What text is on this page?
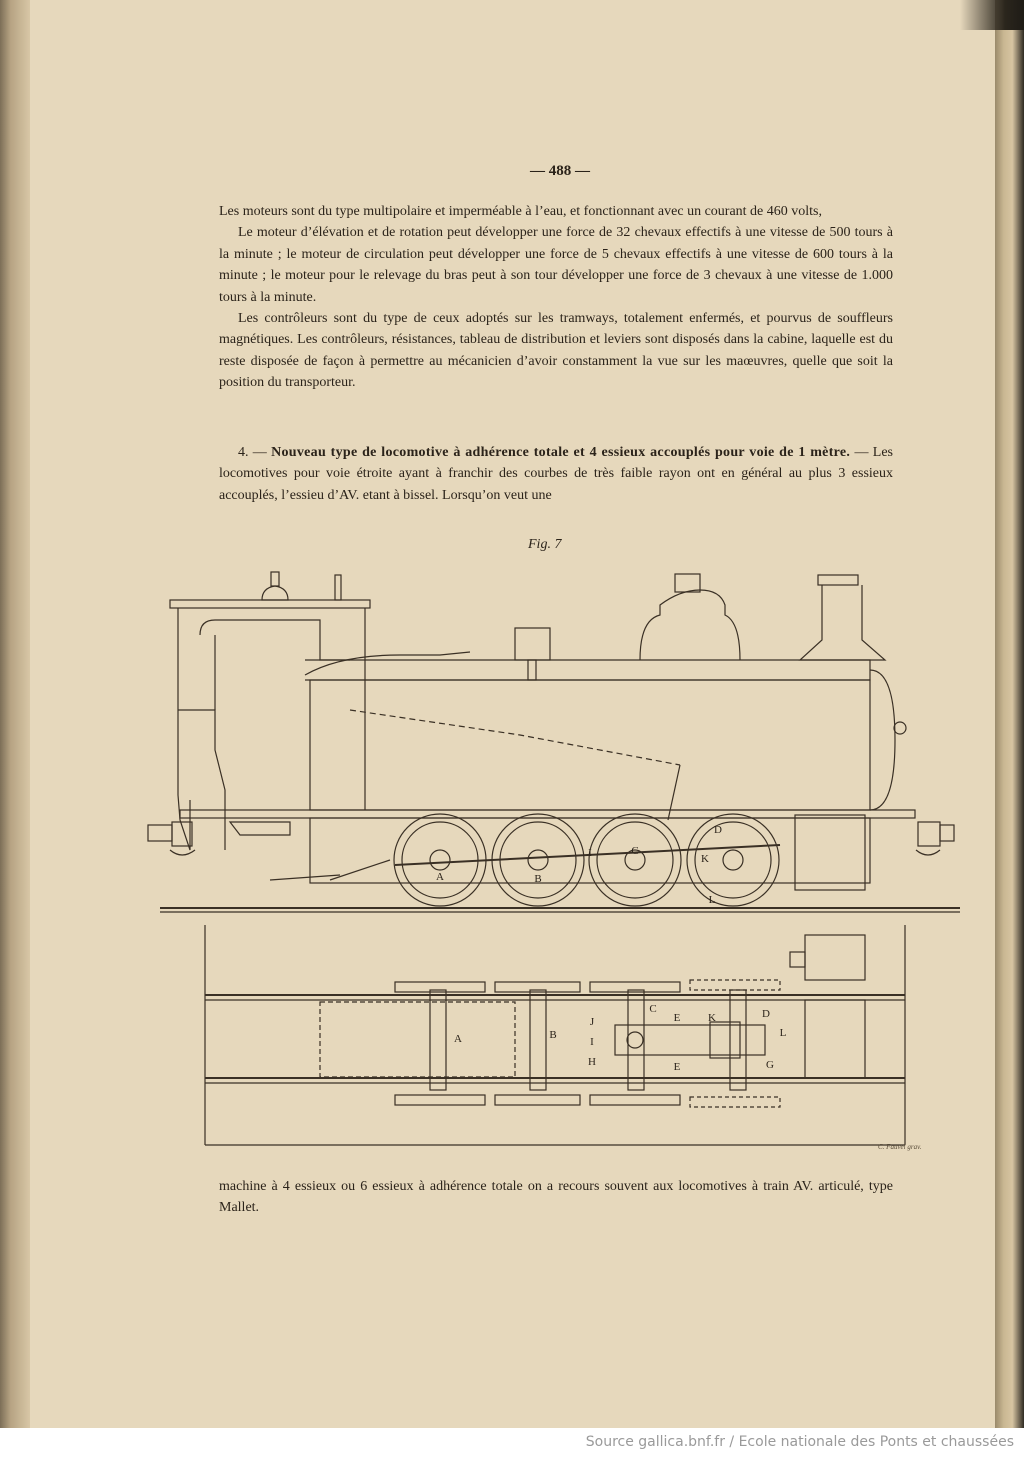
— 488 —

Les moteurs sont du type multipolaire et imperméable à l’eau, et fonctionnant avec un courant de 460 volts,

Le moteur d’élévation et de rotation peut développer une force de 32 chevaux effectifs à une vitesse de 500 tours à la minute ; le moteur de circulation peut développer une force de 5 chevaux effectifs à une vitesse de 600 tours à la minute ; le moteur pour le relevage du bras peut à son tour développer une force de 3 chevaux à une vitesse de 1.000 tours à la minute.

Les contrôleurs sont du type de ceux adoptés sur les tramways, totalement enfermés, et pourvus de souffleurs magnétiques. Les contrôleurs, résistances, tableau de distribution et leviers sont disposés dans la cabine, laquelle est du reste disposée de façon à permettre au mécanicien d’avoir constamment la vue sur les maœuvres, quelle que soit la position du transporteur.

4. — Nouveau type de locomotive à adhérence totale et 4 essieux accouplés pour voie de 1 mètre. — Les locomotives pour voie étroite ayant à franchir des courbes de très faible rayon ont en général au plus 3 essieux accouplés, l’essieu d’AV. etant à bissel. Lorsqu’on veut une

Fig. 7
A	B
I	C
D
K
L
A	B
J
I
H
C
E
E
K	D
L
G
C. Fauvel grav.

machine à 4 essieux ou 6 essieux à adhérence totale on a recours souvent aux locomotives à train AV. articulé, type Mallet.

Source gallica.bnf.fr / Ecole nationale des Ponts et chaussées
